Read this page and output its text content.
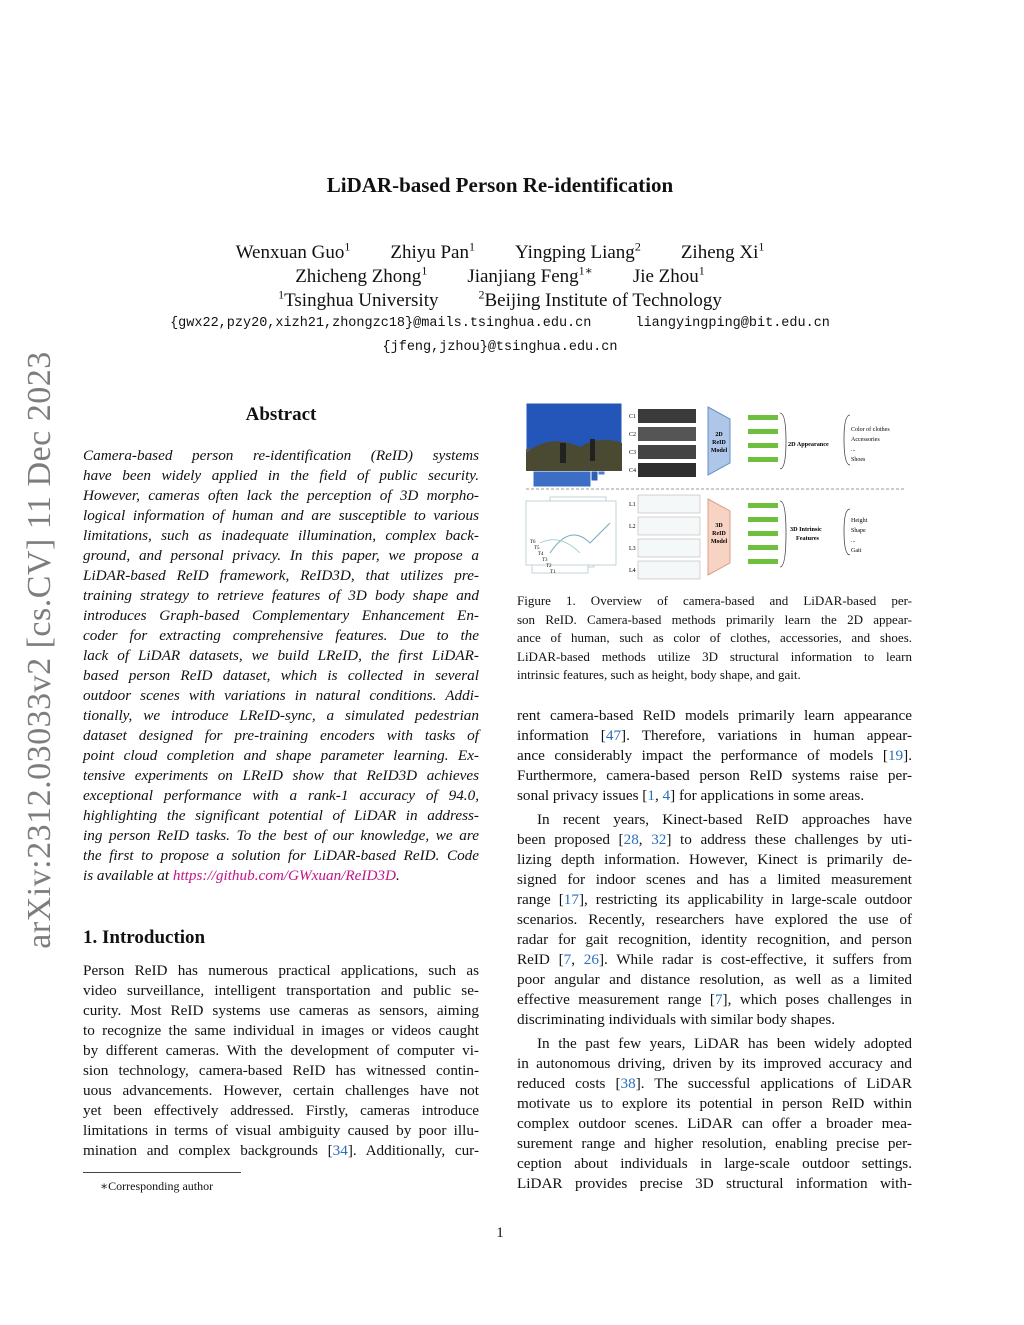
arXiv:2312.03033v2 [cs.CV] 11 Dec 2023
LiDAR-based Person Re-identification
Wenxuan Guo$^1$ Zhiyu Pan$^1$ Yingping Liang$^2$ Ziheng Xi$^1$
Zhicheng Zhong$^1$ Jianjiang Feng$^{1∗}$ Jie Zhou$^1$
$^1$Tsinghua University	$^2$Beijing Institute of Technology
{gwx22,pzy20,xizh21,zhongzc18}@mails.tsinghua.edu.cn	liangyingping@bit.edu.cn
{jfeng,jzhou}@tsinghua.edu.cn
Abstract
Camera-based person re-identification (ReID) systems
have been widely applied in the field of public security.
However, cameras often lack the perception of 3D morpho-
logical information of human and are susceptible to various
limitations, such as inadequate illumination, complex back-
ground, and personal privacy. In this paper, we propose a
LiDAR-based ReID framework, ReID3D, that utilizes pre-
training strategy to retrieve features of 3D body shape and
introduces Graph-based Complementary Enhancement En-
coder for extracting comprehensive features. Due to the
lack of LiDAR datasets, we build LReID, the first LiDAR-
based person ReID dataset, which is collected in several
outdoor scenes with variations in natural conditions. Addi-
tionally, we introduce LReID-sync, a simulated pedestrian
dataset designed for pre-training encoders with tasks of
point cloud completion and shape parameter learning. Ex-
tensive experiments on LReID show that ReID3D achieves
exceptional performance with a rank-1 accuracy of 94.0,
highlighting the significant potential of LiDAR in address-
ing person ReID tasks. To the best of our knowledge, we are
the first to propose a solution for LiDAR-based ReID. Code
is available at https://github.com/GWxuan/ReID3D.
1. Introduction
Person ReID has numerous practical applications, such as
video surveillance, intelligent transportation and public se-
curity. Most ReID systems use cameras as sensors, aiming
to recognize the same individual in images or videos caught
by different cameras. With the development of computer vi-
sion technology, camera-based ReID has witnessed contin-
uous advancements. However, certain challenges have not
yet been effectively addressed. Firstly, cameras introduce
limitations in terms of visual ambiguity caused by poor illu-
mination and complex backgrounds [34]. Additionally, cur-
∗Corresponding author
C1
C2
C3
C4
2D
ReID
Model
2D Appearance
Color of clothes
Accessories
...
Shoes
T6
T5
T4
T3
T2
T1
L1
L2
L3
L4
3D
ReID
Model
3D Intrinsic
Features
Height
Shape
...
Gait
Figure 1. Overview of camera-based and LiDAR-based per-
son ReID. Camera-based methods primarily learn the 2D appear-
ance of human, such as color of clothes, accessories, and shoes.
LiDAR-based methods utilize 3D structural information to learn
intrinsic features, such as height, body shape, and gait.
rent camera-based ReID models primarily learn appearance
information [47]. Therefore, variations in human appear-
ance considerably impact the performance of models [19].
Furthermore, camera-based person ReID systems raise per-
sonal privacy issues [1, 4] for applications in some areas.
In recent years, Kinect-based ReID approaches have
been proposed [28, 32] to address these challenges by uti-
lizing depth information. However, Kinect is primarily de-
signed for indoor scenes and has a limited measurement
range [17], restricting its applicability in large-scale outdoor
scenarios. Recently, researchers have explored the use of
radar for gait recognition, identity recognition, and person
ReID [7, 26]. While radar is cost-effective, it suffers from
poor angular and distance resolution, as well as a limited
effective measurement range [7], which poses challenges in
discriminating individuals with similar body shapes.
In the past few years, LiDAR has been widely adopted
in autonomous driving, driven by its improved accuracy and
reduced costs [38]. The successful applications of LiDAR
motivate us to explore its potential in person ReID within
complex outdoor scenes. LiDAR can offer a broader mea-
surement range and higher resolution, enabling precise per-
ception about individuals in large-scale outdoor settings.
LiDAR provides precise 3D structural information with-
1
